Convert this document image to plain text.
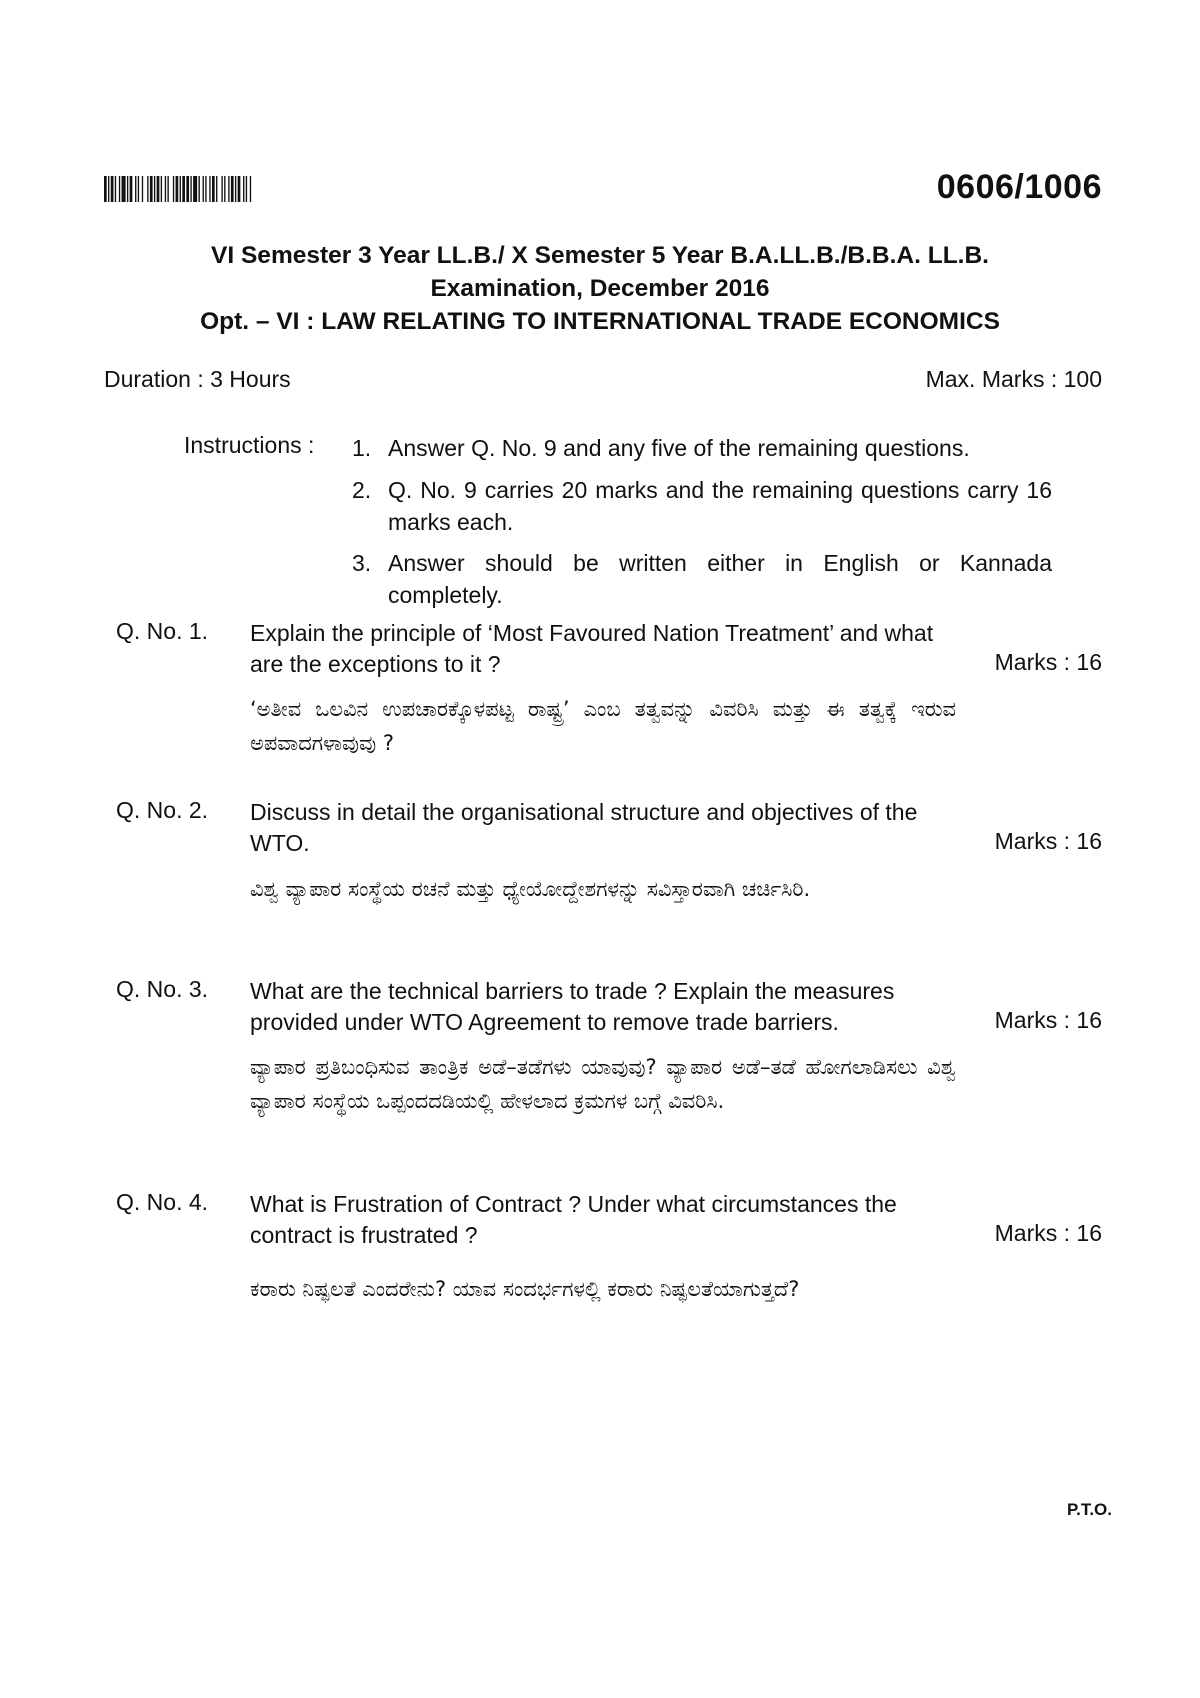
0606/1006
VI Semester 3 Year LL.B./ X Semester 5 Year B.A.LL.B./B.B.A. LL.B.
Examination, December 2016
Opt. – VI : LAW RELATING TO INTERNATIONAL TRADE ECONOMICS
Duration : 3 Hours	Max. Marks : 100
Instructions : 1. Answer Q. No. 9 and any five of the remaining questions.
2. Q. No. 9 carries 20 marks and the remaining questions carry 16 marks each.
3. Answer should be written either in English or Kannada completely.
Q. No. 1. Explain the principle of ‘Most Favoured Nation Treatment’ and what are the exceptions to it ?	Marks : 16
‘ಅತೀವ ಒಲವಿನ ಉಪಚಾರಕ್ಕೊಳಪಟ್ಟ ರಾಷ್ಟ್ರ’ ಎಂಬ ತತ್ವವನ್ನು ವಿವರಿಸಿ ಮತ್ತು ಈ ತತ್ವಕ್ಕೆ ಇರುವ ಅಪವಾದಗಳಾವುವು ?
Q. No. 2. Discuss in detail the organisational structure and objectives of the WTO.	Marks : 16
ವಿಶ್ವ ವ್ಯಾಪಾರ ಸಂಸ್ಥೆಯ ರಚನೆ ಮತ್ತು ಧ್ಯೇಯೋದ್ದೇಶಗಳನ್ನು ಸವಿಸ್ತಾರವಾಗಿ ಚರ್ಚಿಸಿರಿ.
Q. No. 3. What are the technical barriers to trade ? Explain the measures provided under WTO Agreement to remove trade barriers.	Marks : 16
ವ್ಯಾಪಾರ ಪ್ರತಿಬಂಧಿಸುವ ತಾಂತ್ರಿಕ ಅಡೆ–ತಡೆಗಳು ಯಾವುವು? ವ್ಯಾಪಾರ ಅಡೆ–ತಡೆ ಹೋಗಲಾಡಿಸಲು ವಿಶ್ವ ವ್ಯಾಪಾರ ಸಂಸ್ಥೆಯ ಒಪ್ಪಂದದಡಿಯಲ್ಲಿ ಹೇಳಲಾದ ಕ್ರಮಗಳ ಬಗ್ಗೆ ವಿವರಿಸಿ.
Q. No. 4. What is Frustration of Contract ? Under what circumstances the contract is frustrated ?	Marks : 16
ಕರಾರು ನಿಷ್ಫಲತೆ ಎಂದರೇನು? ಯಾವ ಸಂದರ್ಭಗಳಲ್ಲಿ ಕರಾರು ನಿಷ್ಫಲತೆಯಾಗುತ್ತದೆ?
P.T.O.
